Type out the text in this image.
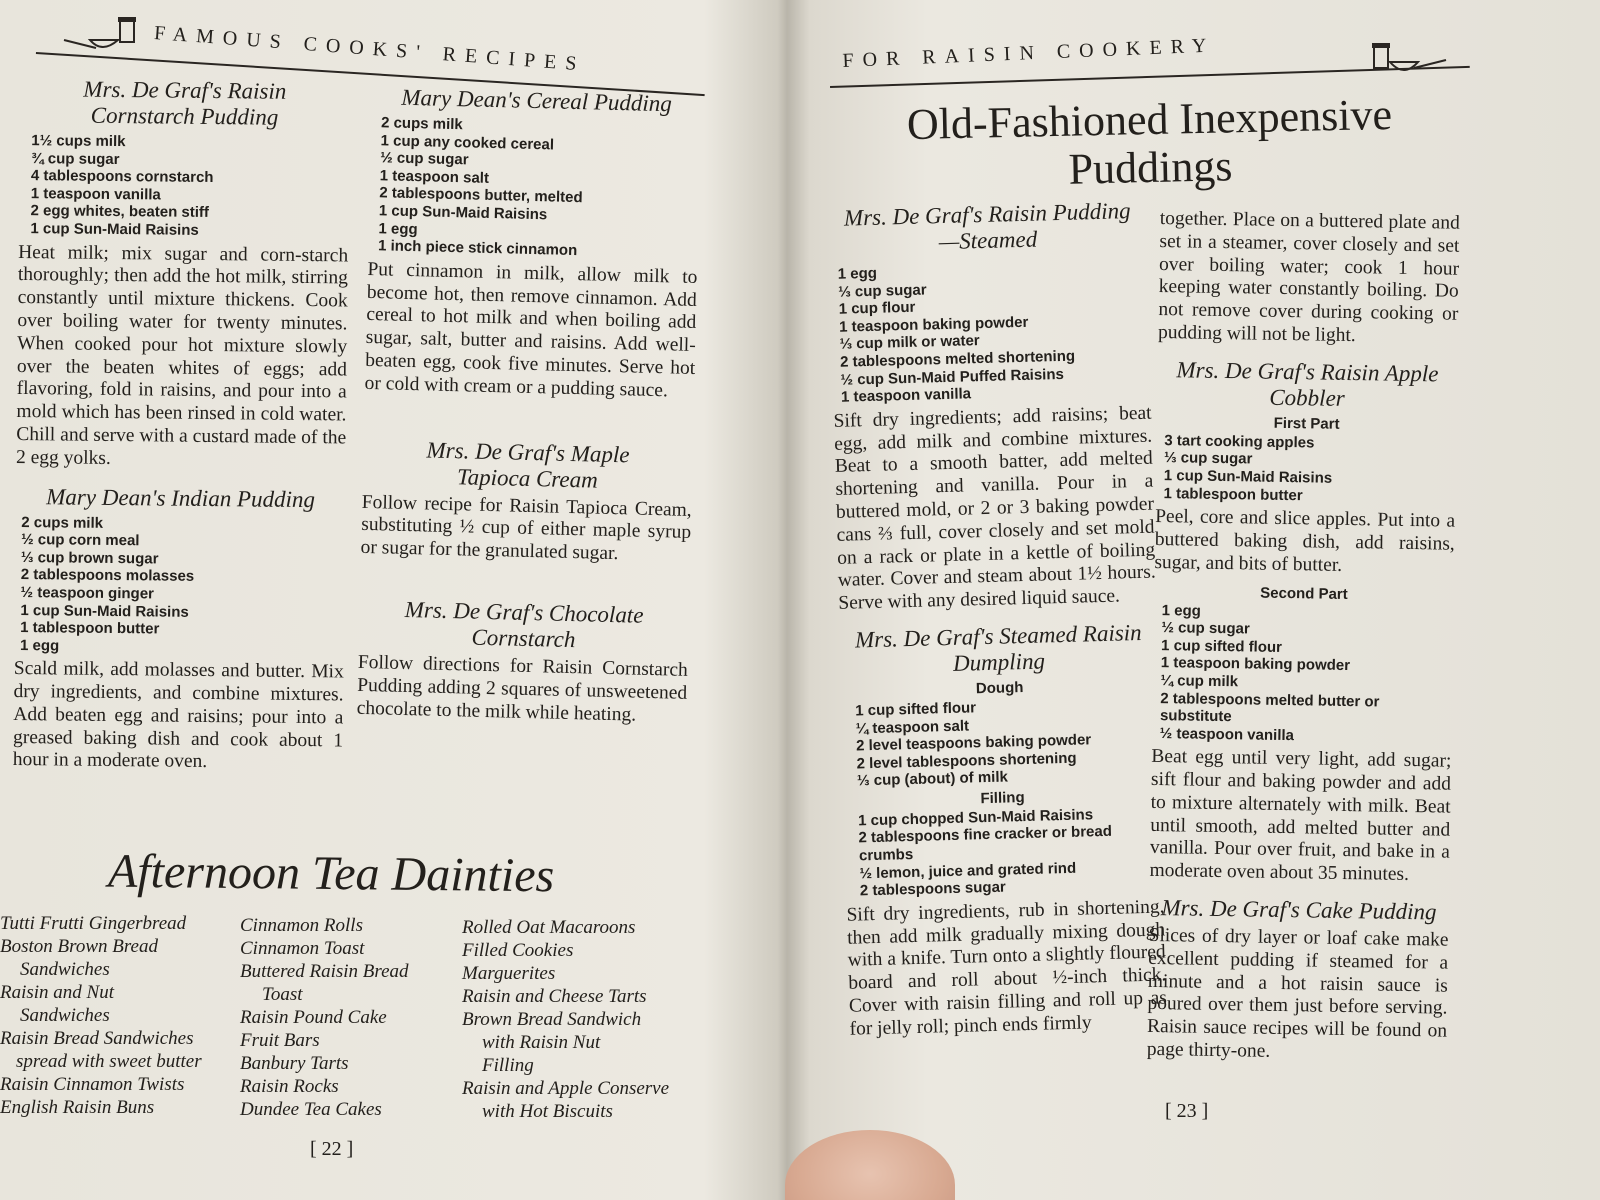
FAMOUS COOKS' RECIPES
Mrs. De Graf's Raisin
Cornstarch Pudding
1½ cups milk
¾ cup sugar
4 tablespoons cornstarch
1 teaspoon vanilla
2 egg whites, beaten stiff
1 cup Sun-Maid Raisins

Heat milk; mix sugar and corn-starch thoroughly; then add the hot milk, stirring constantly until mixture thickens. Cook over boiling water for twenty minutes. When cooked pour hot mixture slowly over the beaten whites of eggs; add flavoring, fold in raisins, and pour into a mold which has been rinsed in cold water. Chill and serve with a custard made of the 2 egg yolks.

Mary Dean's Indian Pudding
2 cups milk
½ cup corn meal
⅓ cup brown sugar
2 tablespoons molasses
½ teaspoon ginger
1 cup Sun-Maid Raisins
1 tablespoon butter
1 egg

Scald milk, add molasses and butter. Mix dry ingredients, and combine mixtures. Add beaten egg and raisins; pour into a greased baking dish and cook about 1 hour in a moderate oven.

Mary Dean's Cereal Pudding
2 cups milk
1 cup any cooked cereal
½ cup sugar
1 teaspoon salt
2 tablespoons butter, melted
1 cup Sun-Maid Raisins
1 egg
1 inch piece stick cinnamon

Put cinnamon in milk, allow milk to become hot, then remove cinnamon. Add cereal to hot milk and when boiling add sugar, salt, butter and raisins. Add well-beaten egg, cook five minutes. Serve hot or cold with cream or a pudding sauce.

Mrs. De Graf's Maple
Tapioca Cream

Follow recipe for Raisin Tapioca Cream, substituting ½ cup of either maple syrup or sugar for the granulated sugar.

Mrs. De Graf's Chocolate
Cornstarch

Follow directions for Raisin Cornstarch Pudding adding 2 squares of unsweetened chocolate to the milk while heating.

Afternoon Tea Dainties
Tutti Frutti Gingerbread
Boston Brown Bread
Sandwiches
Raisin and Nut
Sandwiches
Raisin Bread Sandwiches
spread with sweet butter
Raisin Cinnamon Twists
English Raisin Buns
Cinnamon Rolls
Cinnamon Toast
Buttered Raisin Bread
Toast
Raisin Pound Cake
Fruit Bars
Banbury Tarts
Raisin Rocks
Dundee Tea Cakes
Rolled Oat Macaroons
Filled Cookies
Marguerites
Raisin and Cheese Tarts
Brown Bread Sandwich
with Raisin Nut
Filling
Raisin and Apple Conserve
with Hot Biscuits
[ 22 ]
FOR RAISIN COOKERY
Old-Fashioned Inexpensive
Puddings
Mrs. De Graf's Raisin Pudding
—Steamed
1 egg
⅓ cup sugar
1 cup flour
1 teaspoon baking powder
⅓ cup milk or water
2 tablespoons melted shortening
½ cup Sun-Maid Puffed Raisins
1 teaspoon vanilla

Sift dry ingredients; add raisins; beat egg, add milk and combine mixtures. Beat to a smooth batter, add melted shortening and vanilla. Pour in a buttered mold, or 2 or 3 baking powder cans ⅔ full, cover closely and set mold on a rack or plate in a kettle of boiling water. Cover and steam about 1½ hours. Serve with any desired liquid sauce.

Mrs. De Graf's Steamed Raisin
Dumpling
Dough
1 cup sifted flour
¼ teaspoon salt
2 level teaspoons baking powder
2 level tablespoons shortening
⅓ cup (about) of milk
Filling
1 cup chopped Sun-Maid Raisins
2 tablespoons fine cracker or bread crumbs
½ lemon, juice and grated rind
2 tablespoons sugar

Sift dry ingredients, rub in shortening, then add milk gradually mixing dough with a knife. Turn onto a slightly floured board and roll about ½-inch thick. Cover with raisin filling and roll up as for jelly roll; pinch ends firmly

together. Place on a buttered plate and set in a steamer, cover closely and set over boiling water; cook 1 hour keeping water constantly boiling. Do not remove cover during cooking or pudding will not be light.

Mrs. De Graf's Raisin Apple
Cobbler
First Part
3 tart cooking apples
⅓ cup sugar
1 cup Sun-Maid Raisins
1 tablespoon butter

Peel, core and slice apples. Put into a buttered baking dish, add raisins, sugar, and bits of butter.

Second Part
1 egg
½ cup sugar
1 cup sifted flour
1 teaspoon baking powder
¼ cup milk
2 tablespoons melted butter or substitute
½ teaspoon vanilla

Beat egg until very light, add sugar; sift flour and baking powder and add to mixture alternately with milk. Beat until smooth, add melted butter and vanilla. Pour over fruit, and bake in a moderate oven about 35 minutes.

Mrs. De Graf's Cake Pudding

Slices of dry layer or loaf cake make excellent pudding if steamed for a minute and a hot raisin sauce is poured over them just before serving. Raisin sauce recipes will be found on page thirty-one.

[ 23 ]
